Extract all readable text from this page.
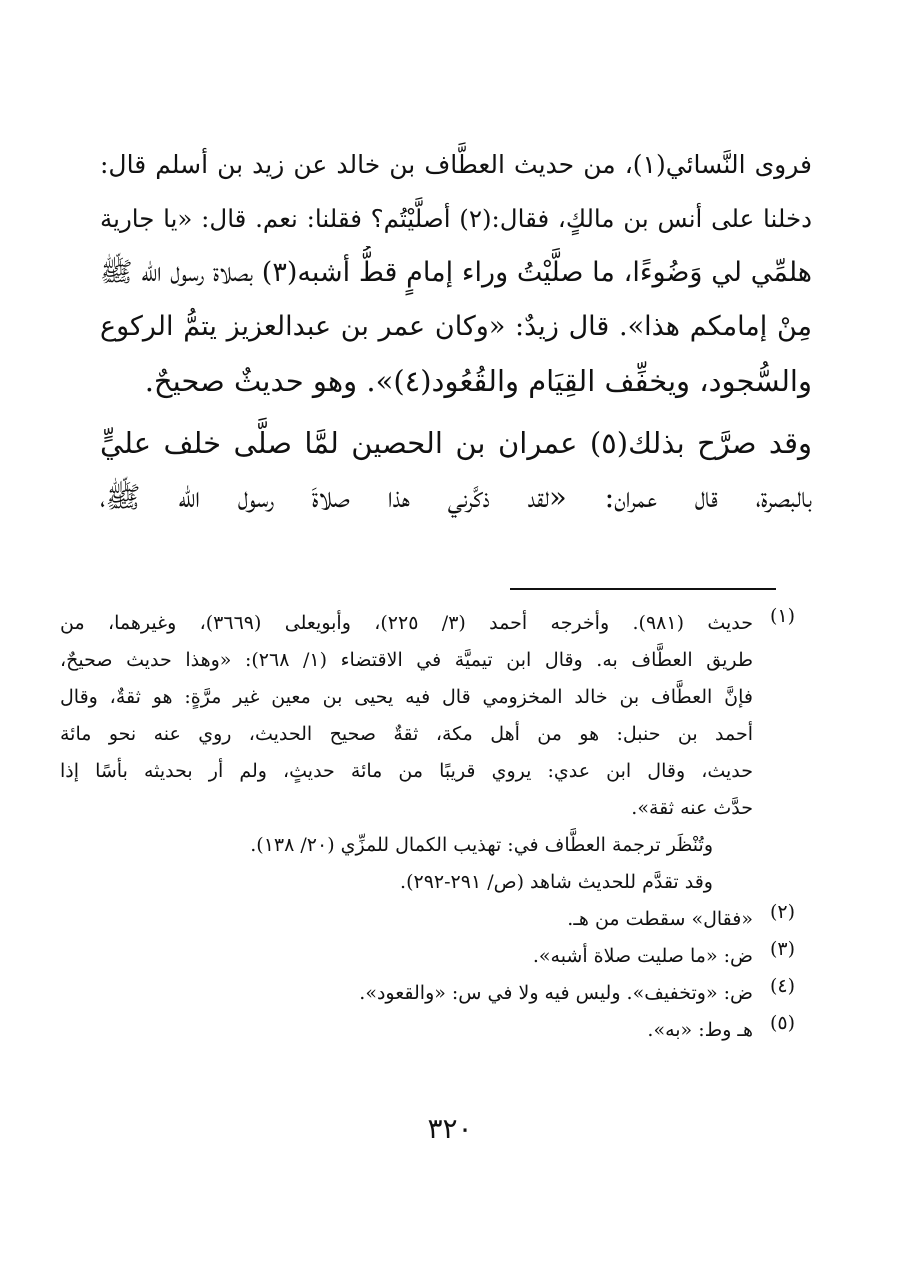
فروى النَّسائي(١)، من حديث العطَّاف بن خالد عن زيد بن أسلم قال:
دخلنا على أنس بن مالكٍ، فقال:(٢) أصلَّيْتُم؟ فقلنا: نعم. قال: «يا جارية
هلمِّي لي وَضُوءًا، ما صلَّيْتُ وراء إمامٍ قطُّ أشبه(٣) بصلاة رسول الله ﷺ
مِنْ إمامكم هذا». قال زيدٌ: «وكان عمر بن عبدالعزيز يتمُّ الركوع
والسُّجود، ويخفِّف القِيَام والقُعُود(٤)». وهو حديثٌ صحيحٌ.
وقد صرَّح بذلك(٥) عمران بن الحصين لمَّا صلَّى خلف عليٍّ
بالبصرة، قال عمران: «لقد ذكَّرني هذا صلاةَ رسول الله ﷺ،
(١)
حديث (٩٨١). وأخرجه أحمد (٣/ ٢٢٥)، وأبويعلى (٣٦٦٩)، وغيرهما، من
طريق العطَّاف به. وقال ابن تيميَّة في الاقتضاء (١/ ٢٦٨): «وهذا حديث صحيحٌ،
فإنَّ العطَّاف بن خالد المخزومي قال فيه يحيى بن معين غير مرَّةٍ: هو ثقةٌ، وقال
أحمد بن حنبل: هو من أهل مكة، ثقةٌ صحيح الحديث، روي عنه نحو مائة
حديث، وقال ابن عدي: يروي قريبًا من مائة حديثٍ، ولم أر بحديثه بأسًا إذا
حدَّث عنه ثقة».
وتُنْظَر ترجمة العطَّاف في: تهذيب الكمال للمزِّي (٢٠/ ١٣٨).
وقد تقدَّم للحديث شاهد (ص/ ٢٩١-٢٩٢).
(٢)
«فقال» سقطت من هـ.
(٣)
ض: «ما صليت صلاة أشبه».
(٤)
ض: «وتخفيف». وليس فيه ولا في س: «والقعود».
(٥)
هـ وط: «به».
٣٢٠
